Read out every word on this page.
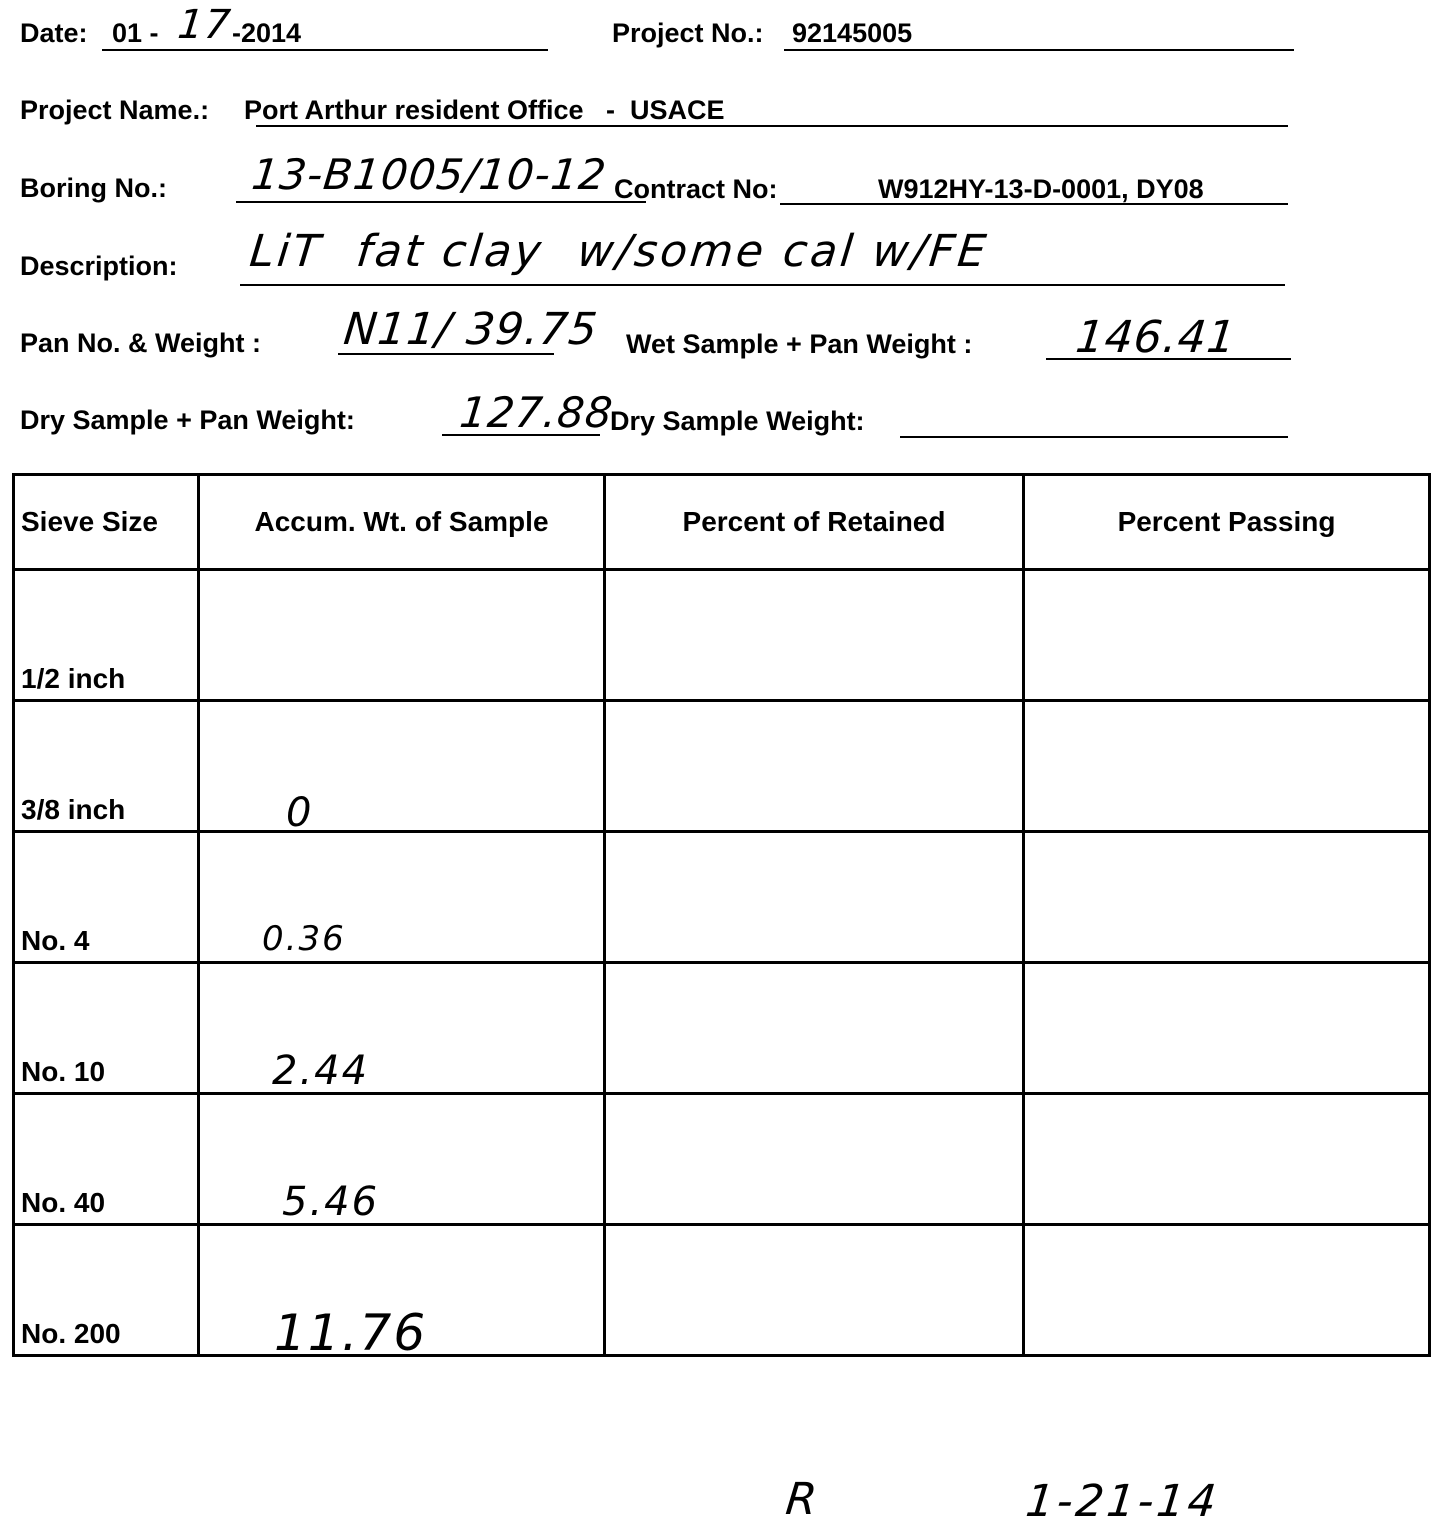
Date: 01 - 17
-2014	Project No.: 92145005
Project Name.: Port Arthur resident Office   -  USACE
Boring No.: 13-B1005/10-12 Contract No:	W912HY-13-D-0001, DY08
Description: LiT  fat clay  w/some cal w/FE
Pan No. & Weight : N11/ 39.75 Wet Sample + Pan Weight : 146.41
Dry Sample + Pan Weight: 127.88
Dry Sample Weight:
Sieve Size	Accum. Wt. of Sample	Percent of Retained	Percent Passing

1/2 inch			

3/8 inch	0		

No. 4	0.36		

No. 10	2.44		

No. 40	5.46		

No. 200	11.76		

R	1-21-14
